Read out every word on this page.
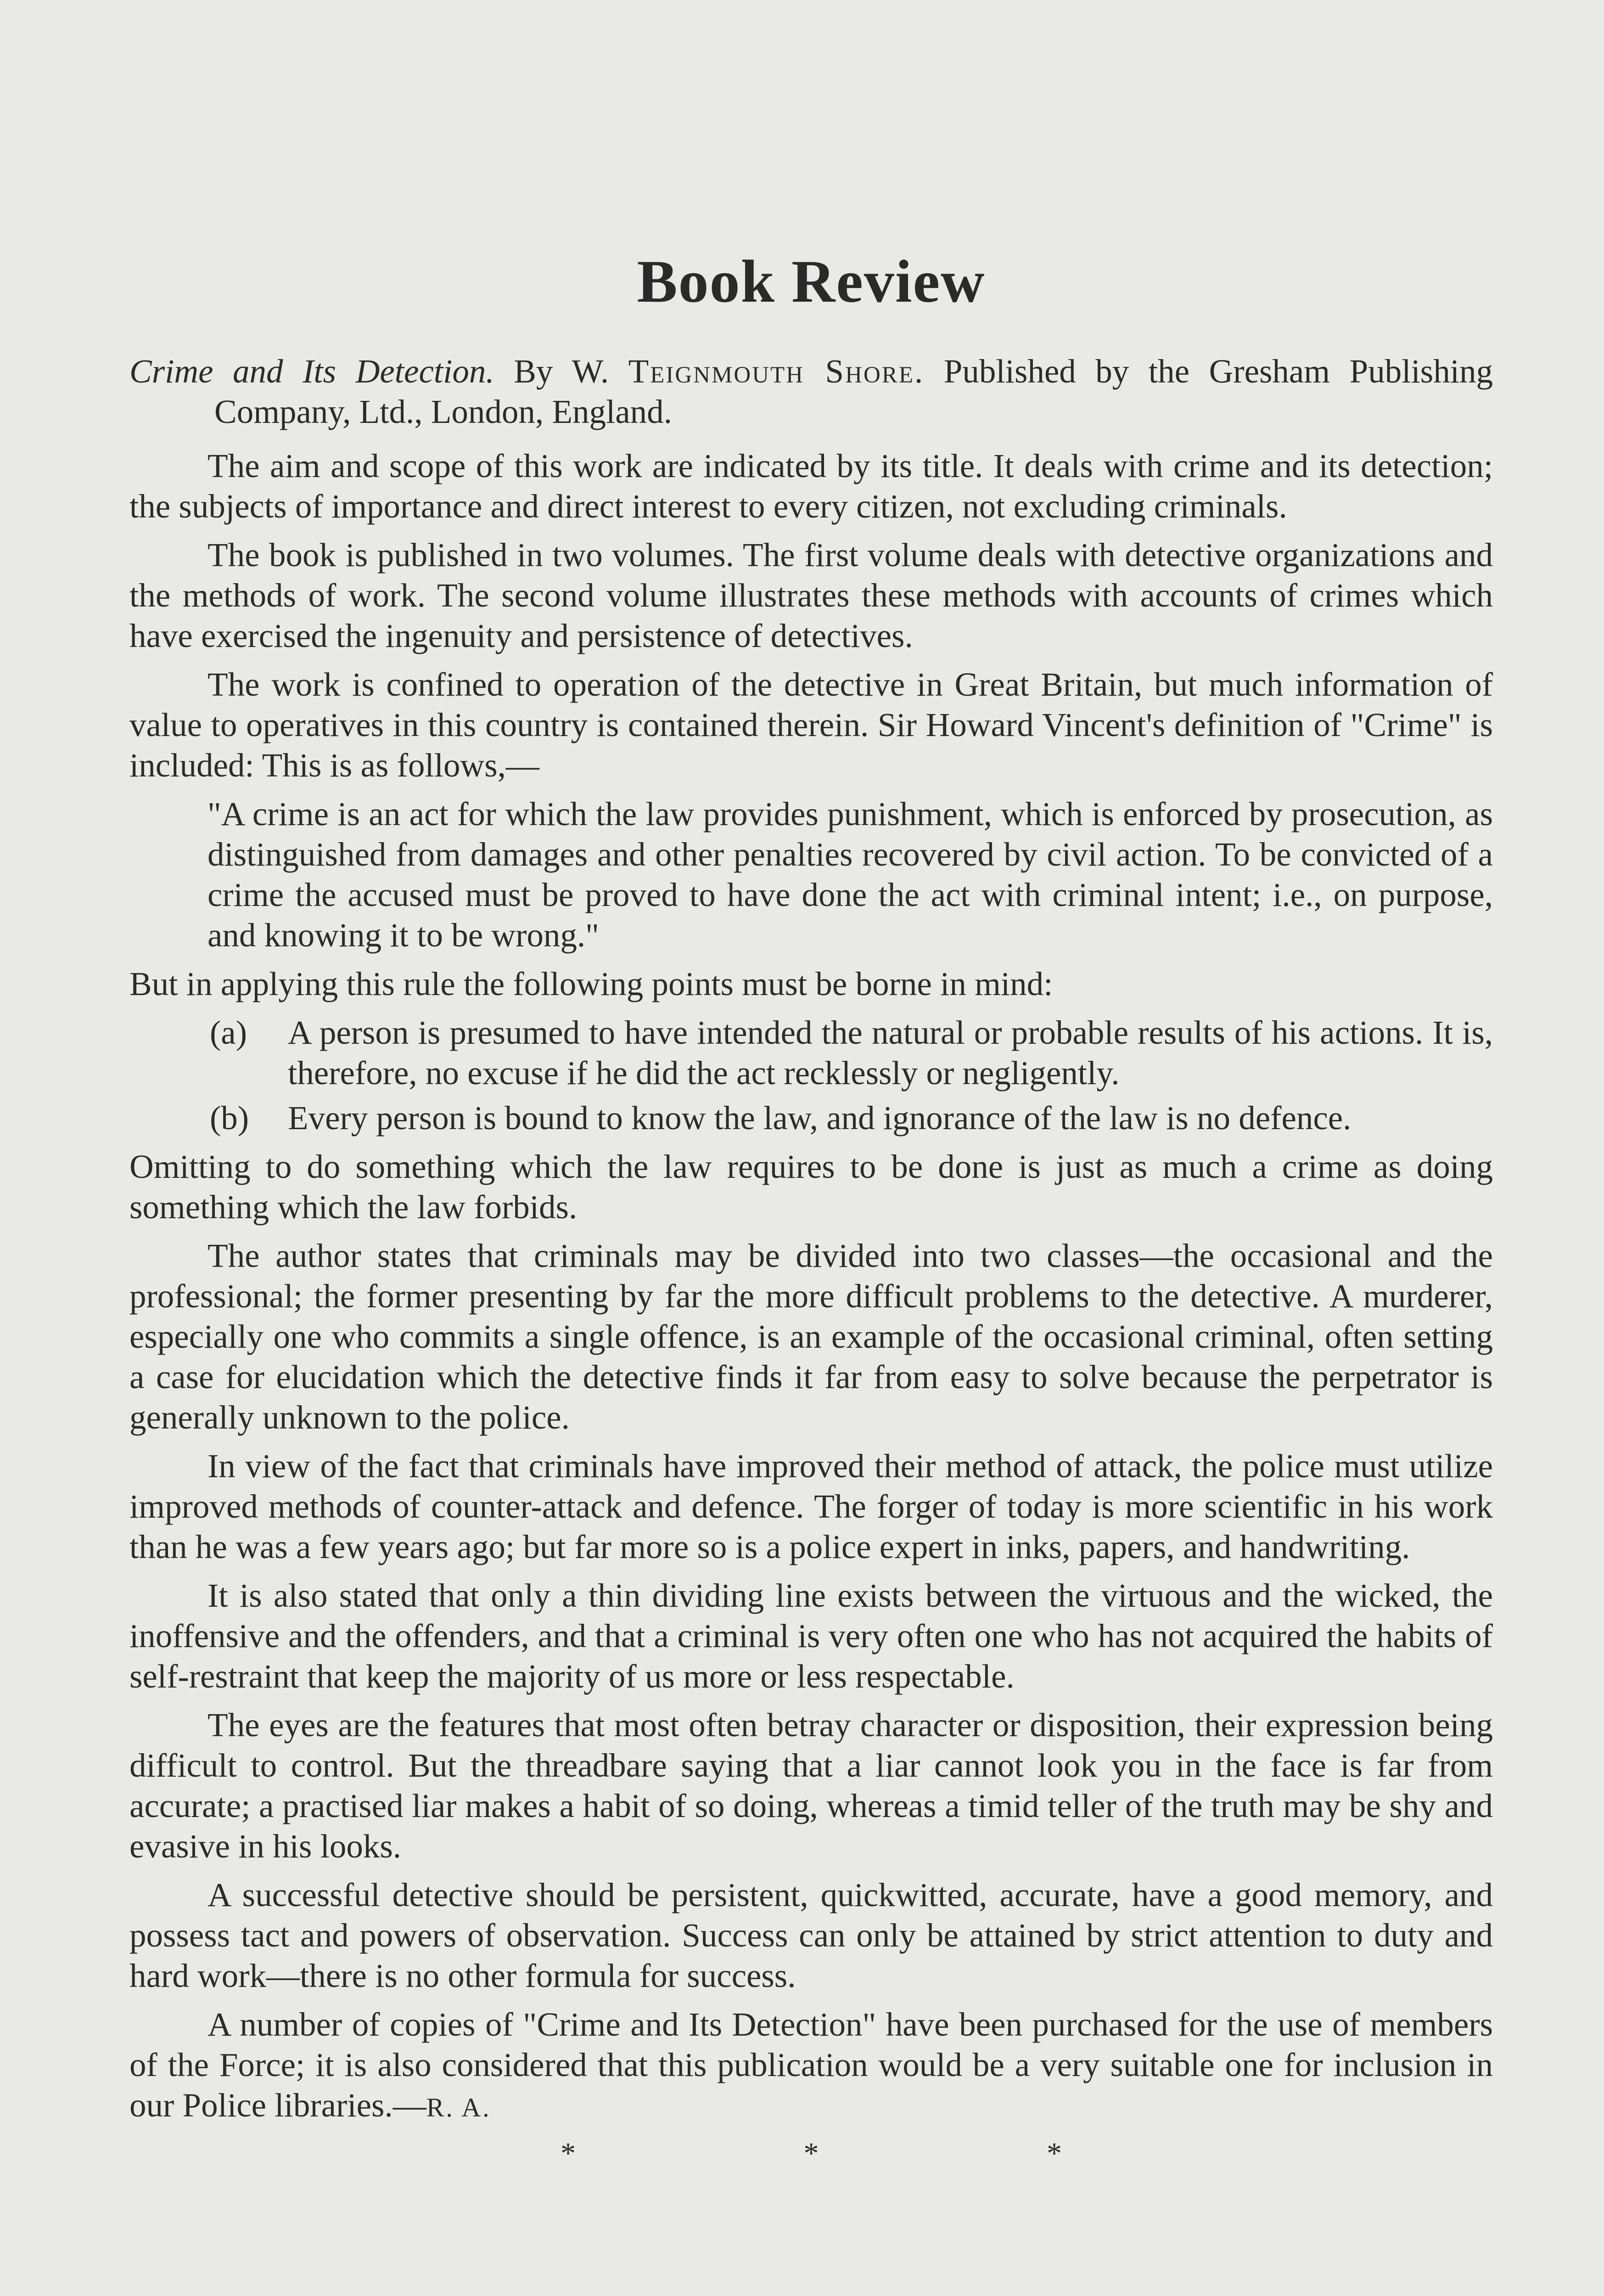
Book Review
Crime and Its Detection. By W. Teignmouth Shore. Published by the Gresham Publishing Company, Ltd., London, England.

The aim and scope of this work are indicated by its title. It deals with crime and its detection; the subjects of importance and direct interest to every citizen, not excluding criminals.

The book is published in two volumes. The first volume deals with detective organizations and the methods of work. The second volume illustrates these methods with accounts of crimes which have exercised the ingenuity and persistence of detectives.

The work is confined to operation of the detective in Great Britain, but much information of value to operatives in this country is contained therein. Sir Howard Vincent's definition of "Crime" is included: This is as follows,—

"A crime is an act for which the law provides punishment, which is enforced by prosecution, as distinguished from damages and other penalties recovered by civil action. To be convicted of a crime the accused must be proved to have done the act with criminal intent; i.e., on purpose, and knowing it to be wrong."

But in applying this rule the following points must be borne in mind:

(a)	A person is presumed to have intended the natural or probable results of his actions. It is, therefore, no excuse if he did the act recklessly or negligently.
(b)	Every person is bound to know the law, and ignorance of the law is no defence.

Omitting to do something which the law requires to be done is just as much a crime as doing something which the law forbids.

The author states that criminals may be divided into two classes—the occasional and the professional; the former presenting by far the more difficult problems to the detective. A murderer, especially one who commits a single offence, is an example of the occasional criminal, often setting a case for elucidation which the detective finds it far from easy to solve because the perpetrator is generally unknown to the police.

In view of the fact that criminals have improved their method of attack, the police must utilize improved methods of counter-attack and defence. The forger of today is more scientific in his work than he was a few years ago; but far more so is a police expert in inks, papers, and handwriting.

It is also stated that only a thin dividing line exists between the virtuous and the wicked, the inoffensive and the offenders, and that a criminal is very often one who has not acquired the habits of self-restraint that keep the majority of us more or less respectable.

The eyes are the features that most often betray character or disposition, their expression being difficult to control. But the threadbare saying that a liar cannot look you in the face is far from accurate; a practised liar makes a habit of so doing, whereas a timid teller of the truth may be shy and evasive in his looks.

A successful detective should be persistent, quickwitted, accurate, have a good memory, and possess tact and powers of observation. Success can only be attained by strict attention to duty and hard work—there is no other formula for success.

A number of copies of "Crime and Its Detection" have been purchased for the use of members of the Force; it is also considered that this publication would be a very suitable one for inclusion in our Police libraries.—R. A.

* * *
